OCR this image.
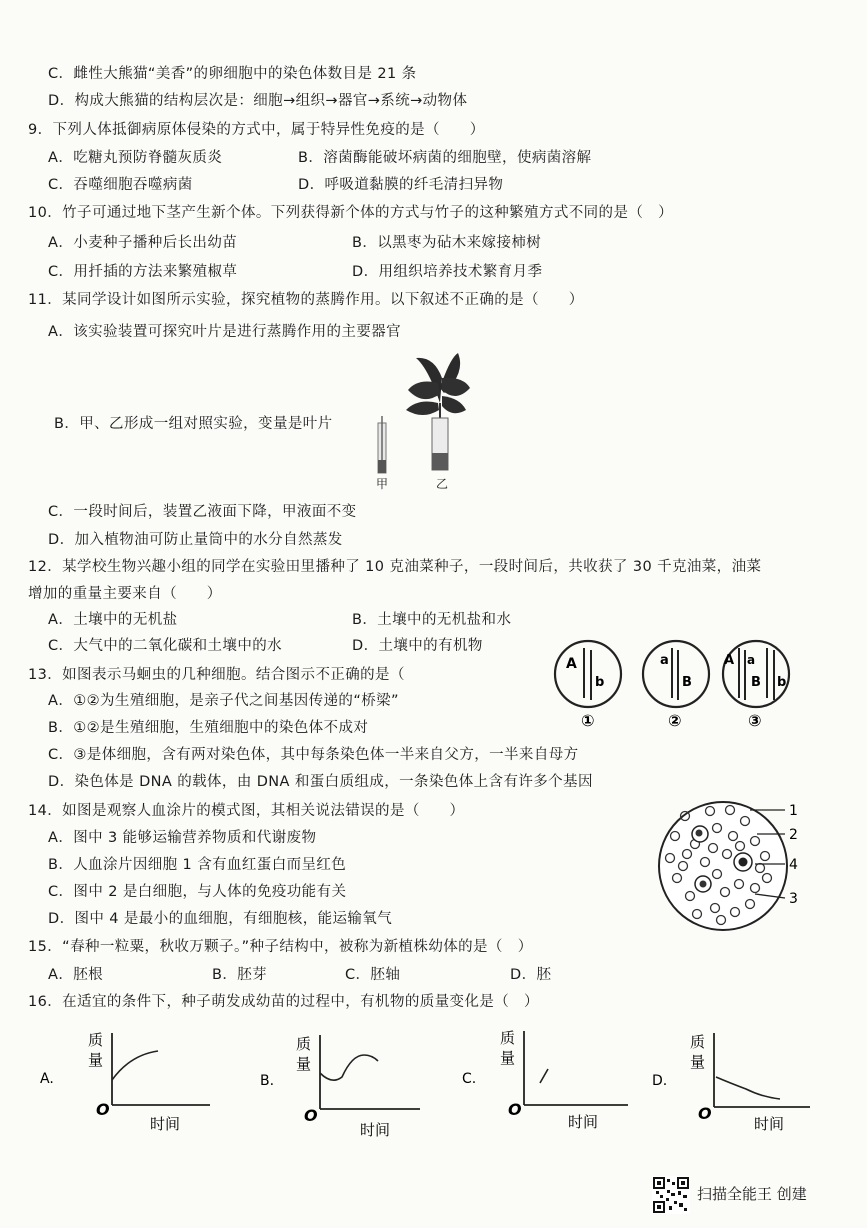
C．雌性大熊猫“美香”的卵细胞中的染色体数目是 21 条
D．构成大熊猫的结构层次是：细胞→组织→器官→系统→动物体
9．下列人体抵御病原体侵染的方式中，属于特异性免疫的是（　　）
A．吃糖丸预防脊髓灰质炎	B．溶菌酶能破坏病菌的细胞壁，使病菌溶解
C．吞噬细胞吞噬病菌	D．呼吸道黏膜的纤毛清扫异物
10．竹子可通过地下茎产生新个体。下列获得新个体的方式与竹子的这种繁殖方式不同的是（　）
A．小麦种子播种后长出幼苗	B．以黑枣为砧木来嫁接柿树
C．用扦插的方法来繁殖椒草	D．用组织培养技术繁育月季
11．某同学设计如图所示实验，探究植物的蒸腾作用。以下叙述不正确的是（　　）
A．该实验装置可探究叶片是进行蒸腾作用的主要器官
B．甲、乙形成一组对照实验，变量是叶片
C．一段时间后，装置乙液面下降，甲液面不变
D．加入植物油可防止量筒中的水分自然蒸发
甲	乙
12．某学校生物兴趣小组的同学在实验田里播种了 10 克油菜种子，一段时间后，共收获了 30 千克油菜，油菜
增加的重量主要来自（　　）
A．土壤中的无机盐	B．土壤中的无机盐和水
C．大气中的二氧化碳和土壤中的水	D．土壤中的有机物
13．如图表示马蛔虫的几种细胞。结合图示不正确的是（
A．①②为生殖细胞，是亲子代之间基因传递的“桥梁”
B．①②是生殖细胞，生殖细胞中的染色体不成对
C．③是体细胞，含有两对染色体，其中每条染色体一半来自父方，一半来自母方
D．染色体是 DNA 的载体，由 DNA 和蛋白质组成，一条染色体上含有许多个基因
A
b
①
a
B
②
A a
B b
③
14．如图是观察人血涂片的模式图，其相关说法错误的是（　　）
A．图中 3 能够运输营养物质和代谢废物
B．人血涂片因细胞 1 含有血红蛋白而呈红色
C．图中 2 是白细胞，与人体的免疫功能有关
D．图中 4 是最小的血细胞，有细胞核，能运输氧气
1
2
4
3
15．“春种一粒粟，秋收万颗子。”种子结构中，被称为新植株幼体的是（　）
A．胚根	B．胚芽	C．胚轴	D．胚
16．在适宜的条件下，种子萌发成幼苗的过程中，有机物的质量变化是（　）
A.
质
量
O
时间
B.
质
量
O
时间
C.
质
量
O
时间
D.
质
量
O
时间
扫描全能王 创建
